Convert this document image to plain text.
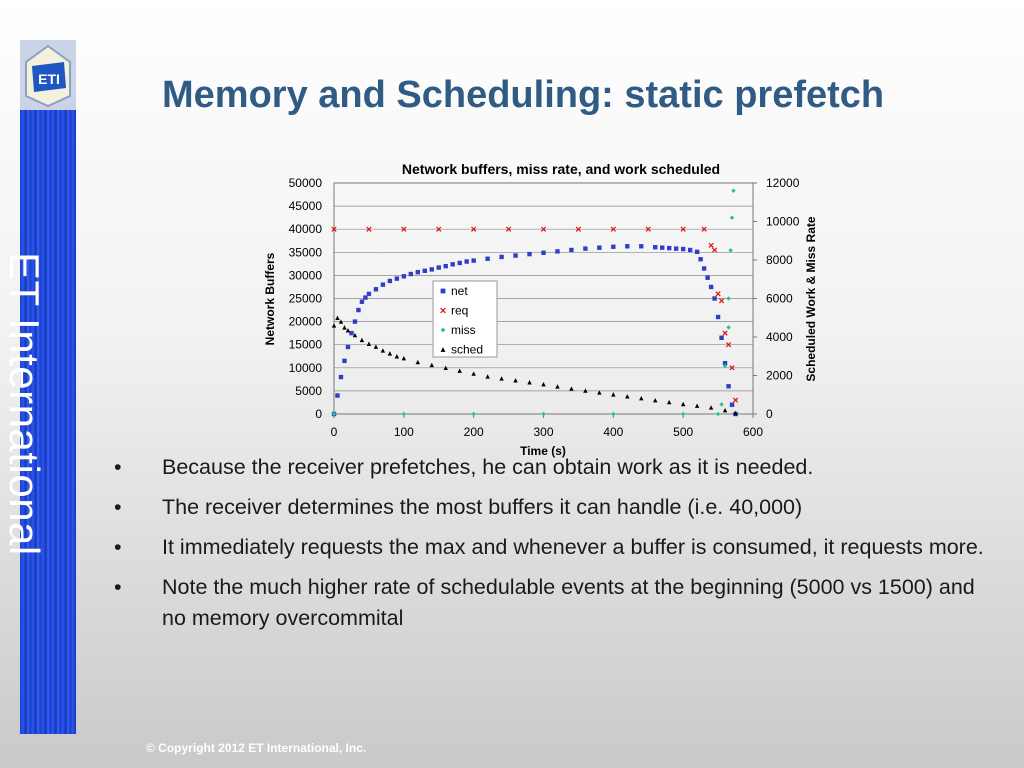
ET International
ETI	Memory and Scheduling: static prefetch
0
5000
10000
15000
20000
25000
30000
35000
40000
45000
50000
0
2000
4000
6000
8000
10000
12000
0	100	200	300	400	500	600
Network buffers, miss rate, and work scheduled
Network Buffers	Scheduled Work & Miss Rate
Time (s)
net
req
miss
sched
• Because the receiver prefetches, he can obtain work as it is needed.
• The receiver determines the most buffers it can handle (i.e. 40,000)
• It immediately requests the max and whenever a buffer is consumed, it requests more.
• Note the much higher rate of schedulable events at the beginning (5000 vs 1500) and no memory overcommital
© Copyright 2012 ET International, Inc.
